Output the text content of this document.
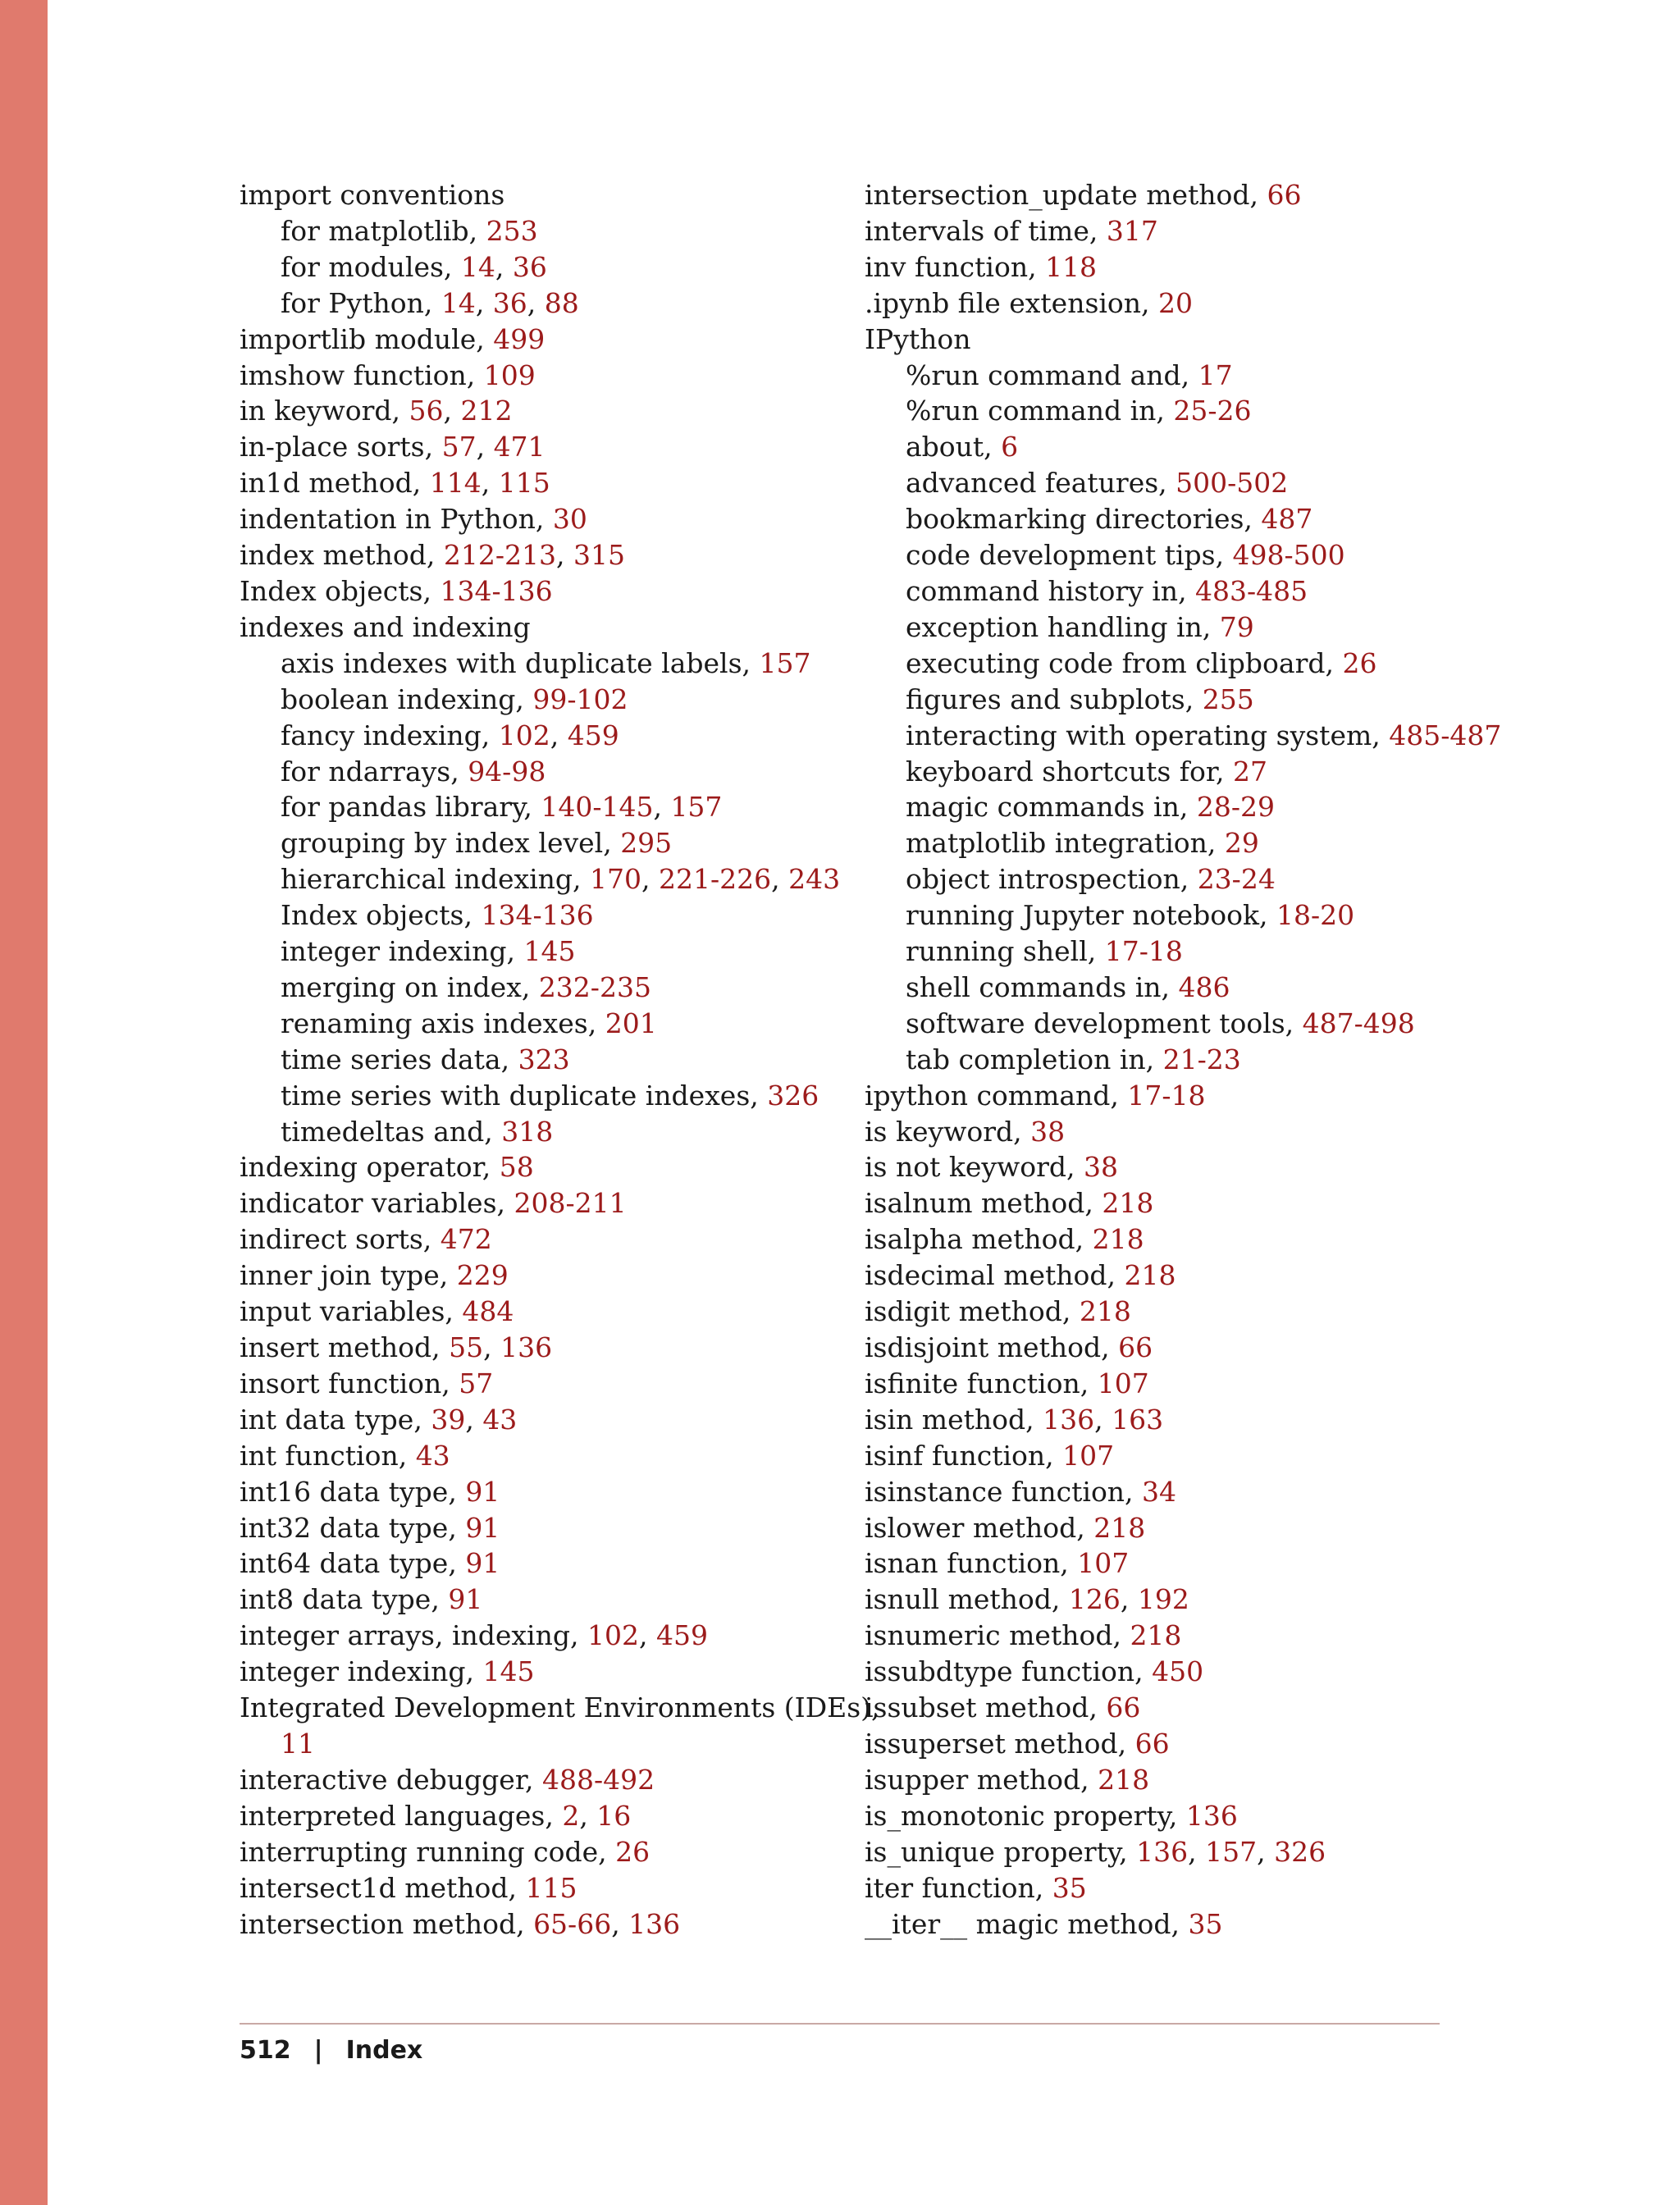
import conventions
for matplotlib, 253
for modules, 14, 36
for Python, 14, 36, 88
importlib module, 499
imshow function, 109
in keyword, 56, 212
in-place sorts, 57, 471
in1d method, 114, 115
indentation in Python, 30
index method, 212-213, 315
Index objects, 134-136
indexes and indexing
axis indexes with duplicate labels, 157
boolean indexing, 99-102
fancy indexing, 102, 459
for ndarrays, 94-98
for pandas library, 140-145, 157
grouping by index level, 295
hierarchical indexing, 170, 221-226, 243
Index objects, 134-136
integer indexing, 145
merging on index, 232-235
renaming axis indexes, 201
time series data, 323
time series with duplicate indexes, 326
timedeltas and, 318
indexing operator, 58
indicator variables, 208-211
indirect sorts, 472
inner join type, 229
input variables, 484
insert method, 55, 136
insort function, 57
int data type, 39, 43
int function, 43
int16 data type, 91
int32 data type, 91
int64 data type, 91
int8 data type, 91
integer arrays, indexing, 102, 459
integer indexing, 145
Integrated Development Environments (IDEs),
11
interactive debugger, 488-492
interpreted languages, 2, 16
interrupting running code, 26
intersect1d method, 115
intersection method, 65-66, 136
intersection_update method, 66
intervals of time, 317
inv function, 118
.ipynb file extension, 20
IPython
%run command and, 17
%run command in, 25-26
about, 6
advanced features, 500-502
bookmarking directories, 487
code development tips, 498-500
command history in, 483-485
exception handling in, 79
executing code from clipboard, 26
figures and subplots, 255
interacting with operating system, 485-487
keyboard shortcuts for, 27
magic commands in, 28-29
matplotlib integration, 29
object introspection, 23-24
running Jupyter notebook, 18-20
running shell, 17-18
shell commands in, 486
software development tools, 487-498
tab completion in, 21-23
ipython command, 17-18
is keyword, 38
is not keyword, 38
isalnum method, 218
isalpha method, 218
isdecimal method, 218
isdigit method, 218
isdisjoint method, 66
isfinite function, 107
isin method, 136, 163
isinf function, 107
isinstance function, 34
islower method, 218
isnan function, 107
isnull method, 126, 192
isnumeric method, 218
issubdtype function, 450
issubset method, 66
issuperset method, 66
isupper method, 218
is_monotonic property, 136
is_unique property, 136, 157, 326
iter function, 35
__iter__ magic method, 35
512 | Index
